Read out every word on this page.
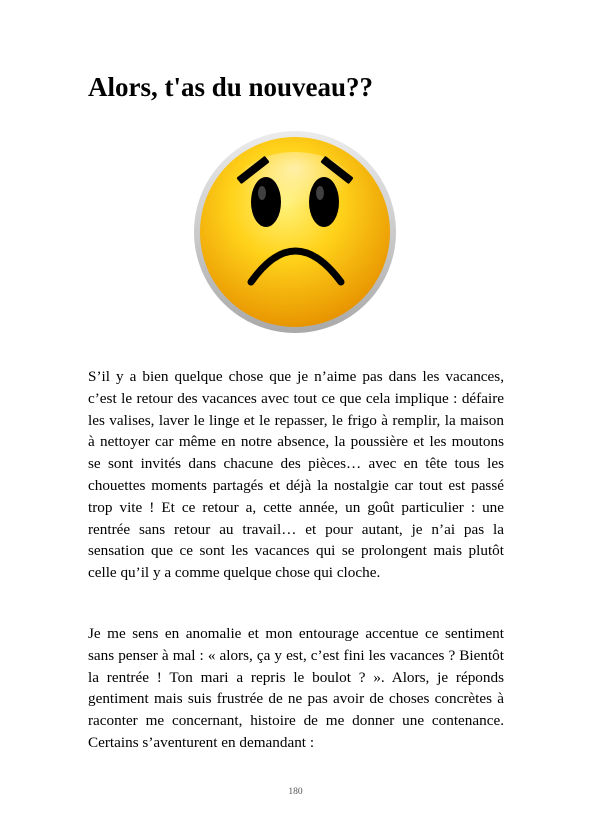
Alors, t'as du nouveau??

S’il y a bien quelque chose que je n’aime pas dans les vacances, c’est le retour des vacances avec tout ce que cela implique : défaire les valises, laver le linge et le repasser, le frigo à remplir, la maison à nettoyer car même en notre absence, la poussière et les moutons se sont invités dans chacune des pièces… avec en tête tous les chouettes moments partagés et déjà la nostalgie car tout est passé trop vite ! Et ce retour a, cette année, un goût particulier : une rentrée sans retour au travail… et pour autant, je n’ai pas la sensation que ce sont les vacances qui se prolongent mais plutôt celle qu’il y a comme quelque chose qui cloche.

Je me sens en anomalie et mon entourage accentue ce sentiment sans penser à mal : « alors, ça y est, c’est fini les vacances ? Bientôt la rentrée ! Ton mari a repris le boulot ? ». Alors, je réponds gentiment mais suis frustrée de ne pas avoir de choses concrètes à raconter me concernant, histoire de me donner une contenance. Certains s’aventurent en demandant :

180
